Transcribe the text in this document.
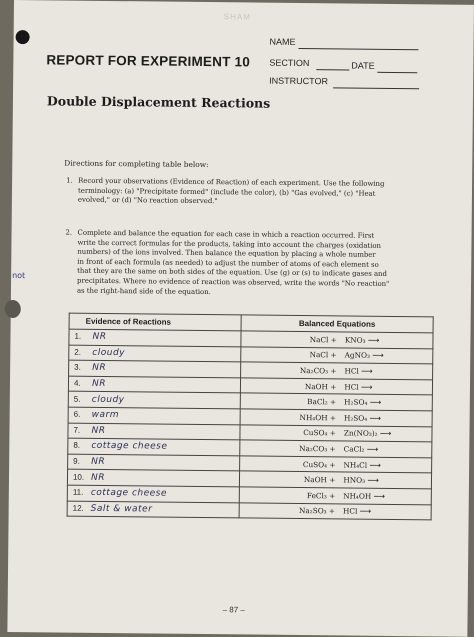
not
SHAM
NAME
SECTION	DATE
INSTRUCTOR
REPORT FOR EXPERIMENT 10
Double Displacement Reactions
Directions for completing table below:
1. Record your observations (Evidence of Reaction) of each experiment. Use the following
terminology: (a) "Precipitate formed" (include the color), (b) "Gas evolved," (c) "Heat
evolved," or (d) "No reaction observed."
2. Complete and balance the equation for each case in which a reaction occurred. First
write the correct formulas for the products, taking into account the charges (oxidation
numbers) of the ions involved. Then balance the equation by placing a whole number
in front of each formula (as needed) to adjust the number of atoms of each element so
that they are the same on both sides of the equation. Use (g) or (s) to indicate gases and
precipitates. Where no evidence of reaction was observed, write the words "No reaction"
as the right-hand side of the equation.
Evidence of Reactions	Balanced Equations
1. NR	NaCl + KNO₃ ⟶

2. cloudy	NaCl + AgNO₃ ⟶

3. NR	Na₂CO₃ + HCl ⟶

4. NR	NaOH + HCl ⟶

5. cloudy	BaCl₂ + H₂SO₄ ⟶

6. warm	NH₄OH + H₂SO₄ ⟶

7. NR	CuSO₄ + Zn(NO₃)₂ ⟶

8. cottage cheese	Na₂CO₃ + CaCl₂ ⟶

9. NR	CuSO₄ + NH₄Cl ⟶

10. NR	NaOH + HNO₃ ⟶

11. cottage cheese	FeCl₃ + NH₄OH ⟶

12. Salt & water	Na₂SO₃ + HCl ⟶
– 87 –
